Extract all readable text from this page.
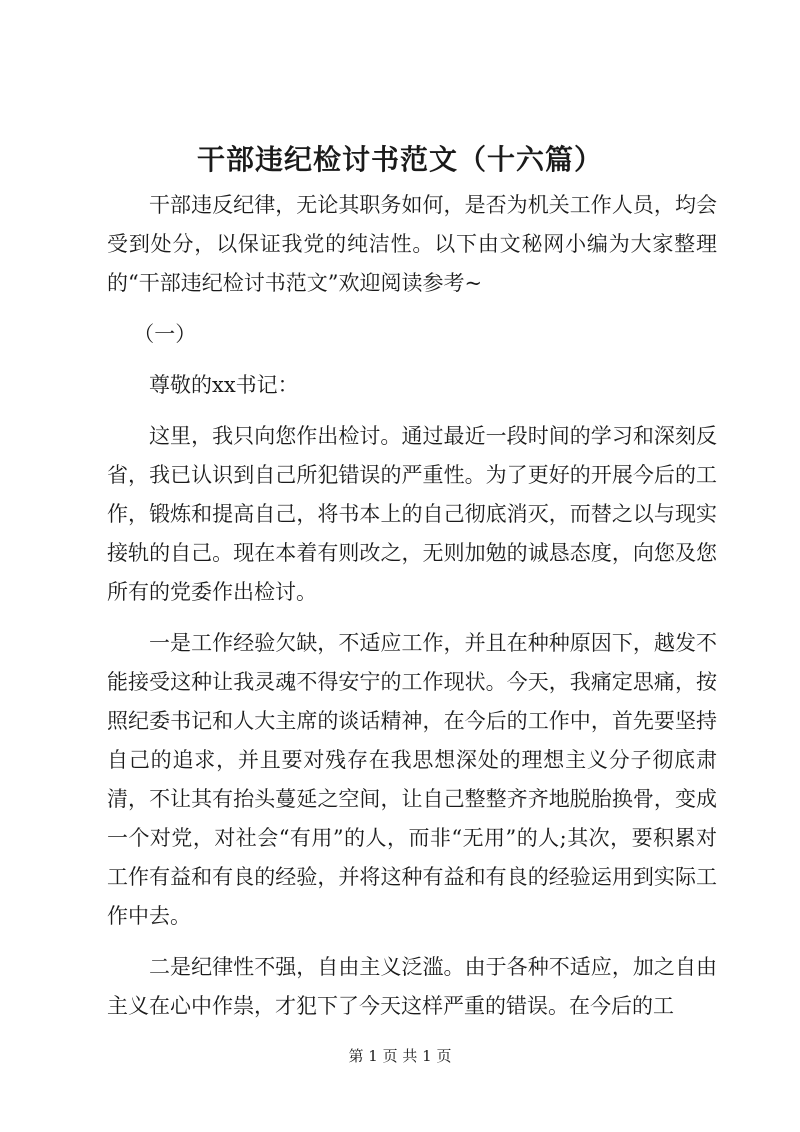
干部违纪检讨书范文（十六篇）

干部违反纪律，无论其职务如何，是否为机关工作人员，均会受到处分，以保证我党的纯洁性。以下由文秘网小编为大家整理的“干部违纪检讨书范文”欢迎阅读参考~

（一）

尊敬的xx书记：

这里，我只向您作出检讨。通过最近一段时间的学习和深刻反省，我已认识到自己所犯错误的严重性。为了更好的开展今后的工作，锻炼和提高自己，将书本上的自己彻底消灭，而替之以与现实接轨的自己。现在本着有则改之，无则加勉的诚恳态度，向您及您所有的党委作出检讨。

一是工作经验欠缺，不适应工作，并且在种种原因下，越发不能接受这种让我灵魂不得安宁的工作现状。今天，我痛定思痛，按照纪委书记和人大主席的谈话精神，在今后的工作中，首先要坚持自己的追求，并且要对残存在我思想深处的理想主义分子彻底肃清，不让其有抬头蔓延之空间，让自己整整齐齐地脱胎换骨，变成一个对党，对社会“有用”的人，而非“无用”的人;其次，要积累对工作有益和有良的经验，并将这种有益和有良的经验运用到实际工作中去。

二是纪律性不强，自由主义泛滥。由于各种不适应，加之自由主义在心中作祟，才犯下了今天这样严重的错误。在今后的工

第 1 页 共 1 页
